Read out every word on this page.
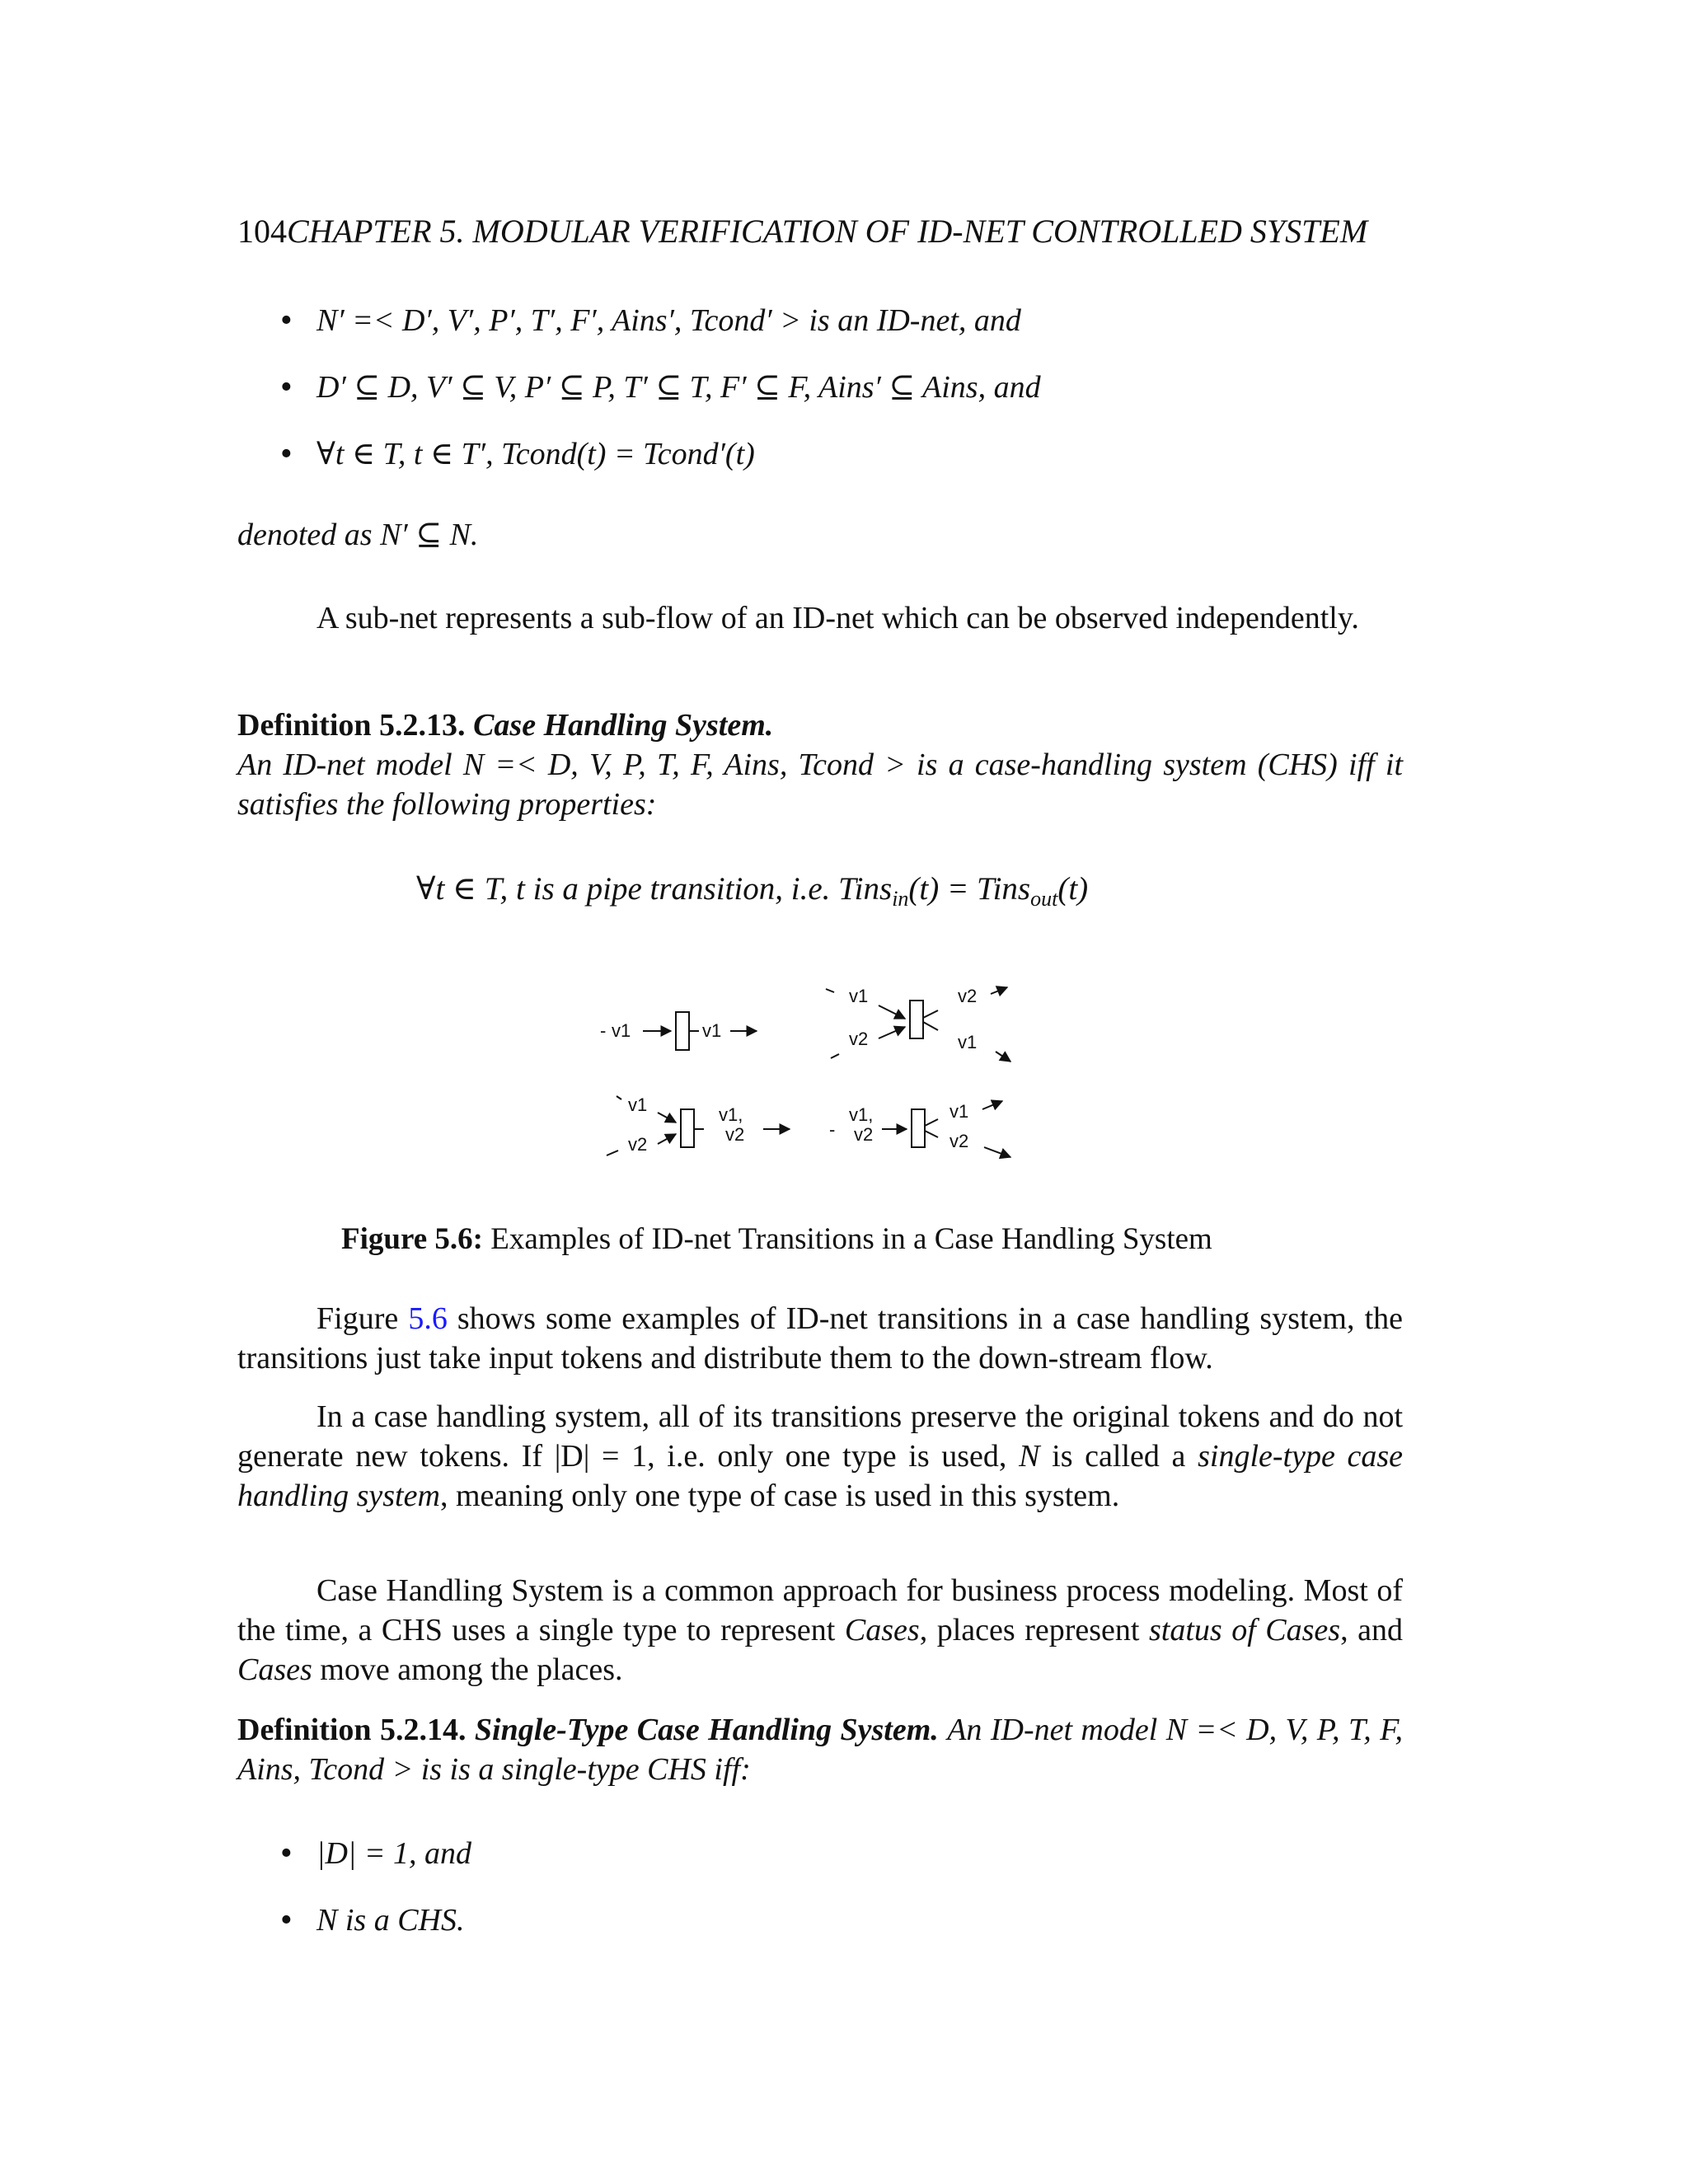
104CHAPTER 5. MODULAR VERIFICATION OF ID-NET CONTROLLED SYSTEM
• N′ =< D′, V′, P′, T′, F′, Ains′, Tcond′ > is an ID-net, and
• D′ ⊆ D, V′ ⊆ V, P′ ⊆ P, T′ ⊆ T, F′ ⊆ F, Ains′ ⊆ Ains, and
• ∀t ∈ T, t ∈ T′, Tcond(t) = Tcond′(t)
denoted as N′ ⊆ N.
A sub-net represents a sub-flow of an ID-net which can be observed independently.
Definition 5.2.13. Case Handling System.
An ID-net model N =< D, V, P, T, F, Ains, Tcond > is a case-handling system (CHS) iff it satisfies the following properties:
∀t ∈ T, t is a pipe transition, i.e. Tins$_{in}$(t) = Tins$_{out}$(t)
- v1	v1
v1
v2
v2
v1
v1
v2
v1,
v2	-
v1,
v2
v1
v2
Figure 5.6: Examples of ID-net Transitions in a Case Handling System
Figure 5.6 shows some examples of ID-net transitions in a case handling system, the transitions just take input tokens and distribute them to the down-stream flow.
In a case handling system, all of its transitions preserve the original tokens and do not generate new tokens. If |D| = 1, i.e. only one type is used, N is called a single-type case handling system, meaning only one type of case is used in this system.
Case Handling System is a common approach for business process modeling. Most of the time, a CHS uses a single type to represent Cases, places represent status of Cases, and Cases move among the places.
Definition 5.2.14. Single-Type Case Handling System. An ID-net model N =< D, V, P, T, F, Ains, Tcond > is is a single-type CHS iff:
• |D| = 1, and
• N is a CHS.
